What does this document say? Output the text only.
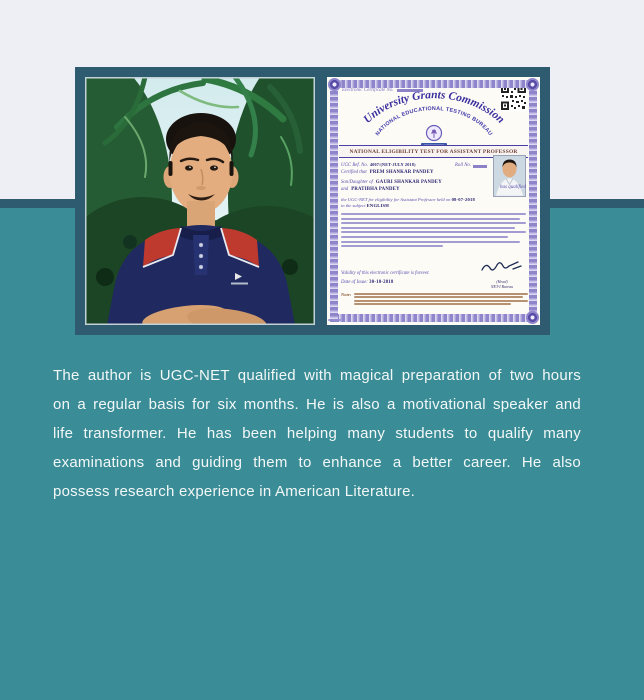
Electronic Certificate No.
University Grants Commission
NATIONAL EDUCATIONAL TESTING BUREAU
NATIONAL ELIGIBILITY TEST FOR ASSISTANT PROFESSOR
UGC Ref. No. 4007/(NET-JULY 2018)	Roll No.
Certified that PREM SHANKAR PANDEY
Son/Daughter of GAURI SHANKAR PANDEY
and PRATIBHA PANDEY	has qualified
the UGC-NET for eligibility for Assistant Professor held on 08-07-2018
in the subject ENGLISH
Validity of this electronic certificate is forever.
Date of Issue: 30-10-2018	(Head)
NET-I Bureau
Note:
The author is UGC-NET qualified with magical preparation of two hours
on a regular basis for six months. He is also a motivational speaker and
life transformer. He has been helping many students to qualify many
examinations and guiding them to enhance a better career. He also
possess research experience in American Literature.
